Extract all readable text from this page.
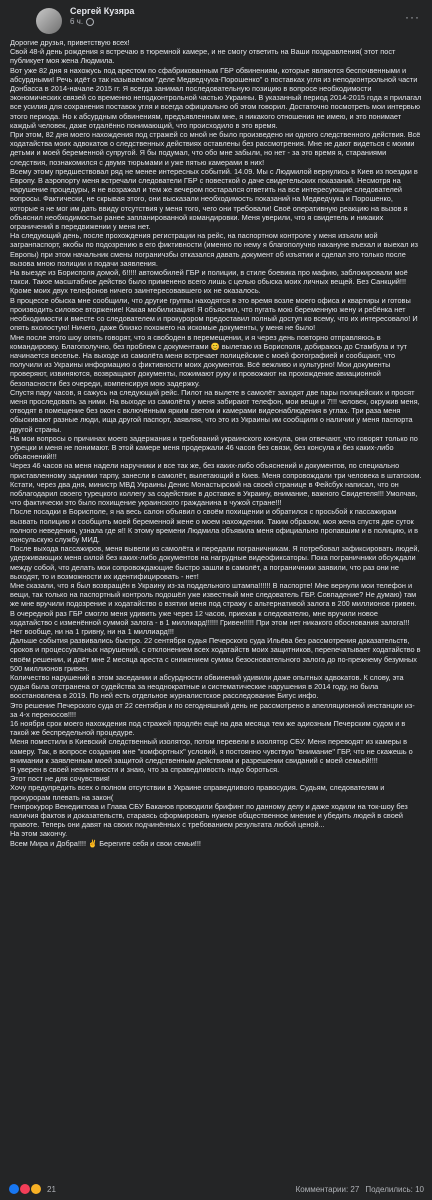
Сергей Кузяра
6 ч.	···

Дорогие друзья, приветствую всех!

Свой 48-й день рождения я встречаю в тюремной камере, и не смогу ответить на Ваши поздравления( этот пост публикует моя жена Людмила.

Вот уже 82 дня я нахожусь под арестом по сфабрикованным ГБР обвинениям, которые являются беспочвенными и абсурдными! Речь идёт о так называемом "деле Медведчука-Порошенко" о поставках угля из неподконтрольной части Донбасса в 2014-начале 2015 гг. Я всегда занимал последовательную позицию в вопросе необходимости экономических связей со временно неподконтрольной частью Украины. В указанный период 2014-2015 года я прилагал все усилия для сохранения поставок угля и всегда официально об этом говорил. Достаточно посмотреть мои интервью этого периода. Но к абсурдным обвинениям, предъявленным мне, я никакого отношения не имею, и это понимает каждый человек, даже отдалённо понимающий, что происходило в это время.

При этом, 82 дня моего нахождения под стражей со мной не было произведено ни одного следственного действия. Всё ходатайства моих адвокатов о следственных действиях оставлены без рассмотрения. Мне не дают видеться с моими детьми и моей беременной супругой. Я бы подумал, что обо мне забыли, но нет - за это время я, стараниями следствия, познакомился с двумя тюрьмами и уже пятью камерами в них!

Всему этому предшествовал ряд не менее интересных событий. 14.09. Мы с Людмилой вернулись в Киев из поездки в Европу. В аэропорту меня встречали следователи ГБР с повесткой о даче свидетельских показаний. Несмотря на нарушение процедуры, я не возражал и тем же вечером постарался ответить на все интересующие следователей вопросы. Фактически, не скрывая этого, они высказали необходимость показаний на Медведчука и Порошенко, которые я не мог им дать ввиду отсутствия у меня того, чего они требовали! Своё оперативную реакцию на вызов я объяснил необходимостью ранее запланированной командировки. Меня уверили, что я свидетель и никаких ограничений в передвижении у меня нет.

На следующий день, после прохождения регистрации на рейс, на паспортном контроле у меня изъяли мой загранпаспорт, якобы по подозрению в его фиктивности (именно по нему я благополучно накануне въехал и выехал из Европы) при этом начальник смены пограничзбы отказался давать документ об изъятии и сделал это только после вызова мною полиции и подачи заявления.

На выезде из Борисполя домой, 6!!!!! автомобилей ГБР и полиции, в стиле боевика про мафию, заблокировали моё такси. Такое масштабное действо было применено всего лишь с целью обыска моих личных вещей. Без Санкций!!! Кроме моих двух телефонов ничего заинтересовавшего их не оказалось.

В процессе обыска мне сообщили, что другие группы находятся в это время возле моего офиса и квартиры и готовы производить силовое вторжение! Какая мобилизация! Я объяснил, что пугать мою беременную жену и ребёнка нет необходимости и вместе со следователем и прокурором предоставил полный доступ ко всему, что их интересовало! И опять вхолостую! Ничего, даже близко похожего на искомые документы, у меня не было!

Мне после этого шоу опять говорят, что я свободен в перемещении, и я через день повторно отправляюсь в командировку. Благополучно, без проблем с документами 😊 вылетаю из Борисполя, добираюсь до Стамбула и тут начинается веселье. На выходе из самолёта меня встречает полицейские с моей фотографией и сообщают, что получили из Украины информацию о фиктивности моих документов. Всё вежливо и культурно! Мои документы проверяют, извиняются, возвращают документы, пожимают руку и провожают на прохождение авиационной безопасности без очереди, компенсируя мою задержку.

Спустя пару часов, я сажусь на следующий рейс. Пилот на вылете в самолёт заходят две пары полицейских и просят меня проследовать за ними. На выходе из самолёта у меня забирают телефон, мои вещи и 7!!! человек, окружив меня, отводят в помещение без окон с включённым ярким светом и камерами видеонаблюдения в углах. Три раза меня обыскивают разные люди, ища другой паспорт, заявляя, что это из Украины им сообщили о наличии у меня паспорта другой страны.

На мои вопросы о причинах моего задержания и требований украинского консула, они отвечают, что говорят только по турецки и меня не понимают. В этой камере меня продержали 46 часов без связи, без консула и без каких-либо объяснений!!!

Через 46 часов на меня надели наручники и все так же, без каких-либо объяснений и документов, по специально приставленному задними тарпу, занесли в самолёт, вылетающий в Киев. Меня сопровождали три человека в штатском. Кстати, через два дня, министр МВД Украины Денис Монастырский на своей странице в Фейсбук написал, что он поблагодарил своего турецкого коллегу за содействие в доставке в Украину, внимание, важного Свидетеля!!! Умолчав, что фактически это было похищение украинского гражданина в чужой стране!!!

После посадки в Борисполе, я на весь салон объявил о своём похищении и обратился с просьбой к пассажирам вызвать полицию и сообщить моей беременной жене о моем нахождении. Таким образом, моя жена спустя две суток полного неведения, узнала где я!! К этому времени Людмила объявила меня официально пропавшим и в полицию, и в консульскую службу МИД.

После выхода пассажиров, меня вывели из самолёта и передали пограничникам. Я потребовал зафиксировать людей, удерживающих меня силой без каких-либо документов на нагрудные видеофиксаторы. Пока пограничники обсуждали между собой, что делать мои сопровождающие быстро зашли в самолёт, а пограничники заявили, что раз они не выходят, то и возможности их идентифицировать - нет!

Мне сказали, что я был возвращён в Украину из-за поддельного штампа!!!!!! В паспорте! Мне вернули мои телефон и вещи, так только на паспортный контроль подошёл уже известный мне следователь ГБР. Совпадение? Не думаю) там же мне вручили подозрение и ходатайство о взятии меня под стражу с альтернативой залога в 200 миллионов гривен.

В очередной раз ГБР смогло меня удивить уже через 12 часов, приехав к следователю, мне вручили новое ходатайство с изменённой суммой залога - в 1 миллиард!!!!!! Гривен!!!!! При этом нет никакого обоснования залога!!! Нет вообще, ни на 1 гривну, ни на 1 миллиард!!!

Дальше события развивались быстро. 22 сентября судья Печерского суда Ильёва без рассмотрения доказательств, сроков и процессуальных нарушений, с отклонением всех ходатайств моих защитников, перепечатывает ходатайство в своём решении, и даёт мне 2 месяца ареста с снижением суммы безосновательного залога до по-прежнему безумных 500 миллионов гривен.

Количество нарушений в этом заседании и абсурдности обвинений удивили даже опытных адвокатов. К слову, эта судья была отстранена от судейства за неоднократные и систематические нарушения в 2014 году, но была восстановлена в 2019. По ней есть отдельное журналистское расследование Бигус инфо.

Это решение Печерского суда от 22 сентября и по сегодняшний день не рассмотрено в апелляционной инстанции из-за 4-х переносов!!!!

16 ноября срок моего нахождения под стражей продлён ещё на два месяца тем же адиозным Печерским судом и в такой же беспредельной процедуре.

Меня поместили в Киевский следственный изолятор, потом перевели в изолятор СБУ. Меня переводят из камеры в камеру. Так, в вопросе создания мне "комфортных" условий, я постоянно чувствую "внимание" ГБР, что не скажешь о внимании к заявленным моей защитой следственным действиям и разрешении свиданий с моей семьёй!!!!

Я уверен в своей невиновности и знаю, что за справедливость надо бороться.

Этот пост не для сочувствия!

Хочу предупредить всех о полном отсутствии в Украине справедливого правосудия. Судьям, следователям и прокурорам плевать на закон(

Генпрокурор Венедиктова и Глава СБУ Баканов проводили брифинг по данному делу и даже ходили на ток-шоу без наличия фактов и доказательств, стараясь сформировать нужное общественное мнение и убедить людей в своей правоте. Теперь они давят на своих подчинённых с требованием результата любой ценой...

На этом закончу.

Всем Мира и Добра!!!! ✌ Берегите себя и свои семьи!!!

21	Комментарии: 27 Поделились: 10
